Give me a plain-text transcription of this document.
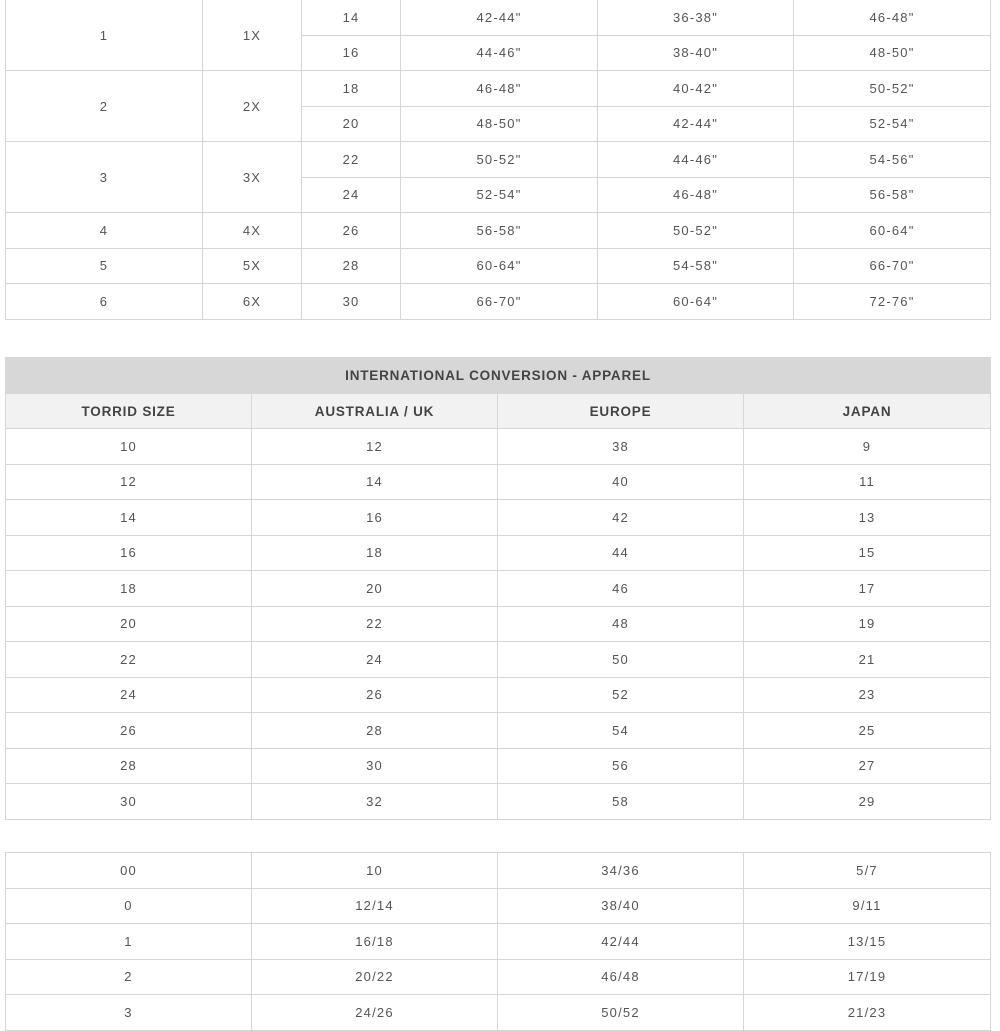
1	1X	14	42-44"	36-38"	46-48"
		16	44-46"	38-40"	48-50"
2	2X	18	46-48"	40-42"	50-52"
		20	48-50"	42-44"	52-54"
3	3X	22	50-52"	44-46"	54-56"
		24	52-54"	46-48"	56-58"
4	4X	26	56-58"	50-52"	60-64"
5	5X	28	60-64"	54-58"	66-70"
6	6X	30	66-70"	60-64"	72-76"
INTERNATIONAL CONVERSION - APPAREL			
TORRID SIZE	AUSTRALIA / UK	EUROPE	JAPAN
10	12	38	9
12	14	40	11
14	16	42	13
16	18	44	15
18	20	46	17
20	22	48	19
22	24	50	21
24	26	52	23
26	28	54	25
28	30	56	27
30	32	58	29
00	10	34/36	5/7
0	12/14	38/40	9/11
1	16/18	42/44	13/15
2	20/22	46/48	17/19
3	24/26	50/52	21/23
